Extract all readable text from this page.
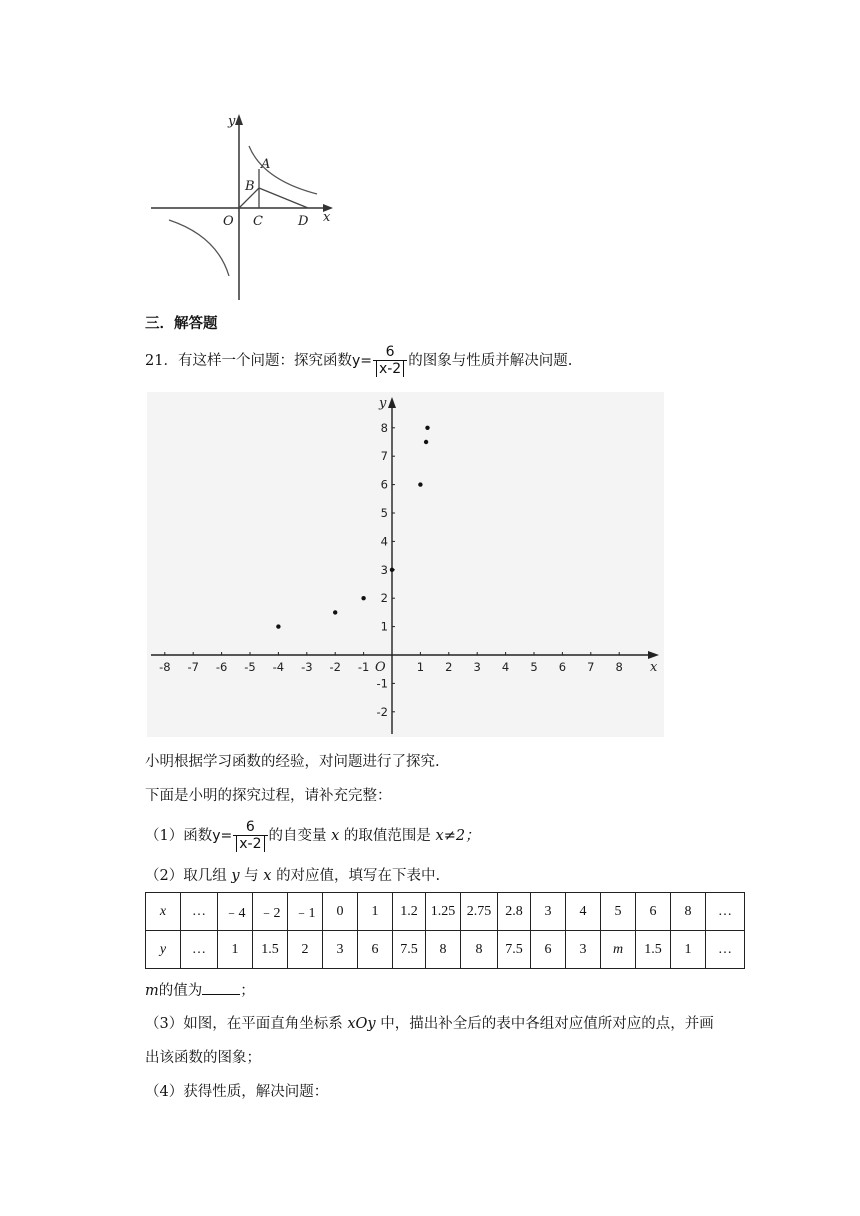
y
A
B
O C	D x
三．解答题
21．有这样一个问题：探究函数$y= \frac{6}{x-2}$ 的图象与性质并解决问题.
x
y
O
-8 -7 -6 -5 -4 -3 -2 -1	1 2 3 4 5 6 7 8
-2
-1
1
2
3
4
5
6
7
8
小明根据学习函数的经验，对问题进行了探究.
下面是小明的探究过程，请补充完整：
（1）函数$y= \frac{6}{x-2}$ 的自变量 x 的取值范围是 x≠2；
（2）取几组 y 与 x 的对应值，填写在下表中.
x	…	﹣4	﹣2	﹣1	0	1	1.2	1.25	2.75	2.8	3	4	5	6	8	…
y	…	1	1.5	2	3	6	7.5	8	8	7.5	6	3	m	1.5	1	…
m的值为	；
（3）如图，在平面直角坐标系 xOy 中，描出补全后的表中各组对应值所对应的点，并画
出该函数的图象；
（4）获得性质，解决问题：
